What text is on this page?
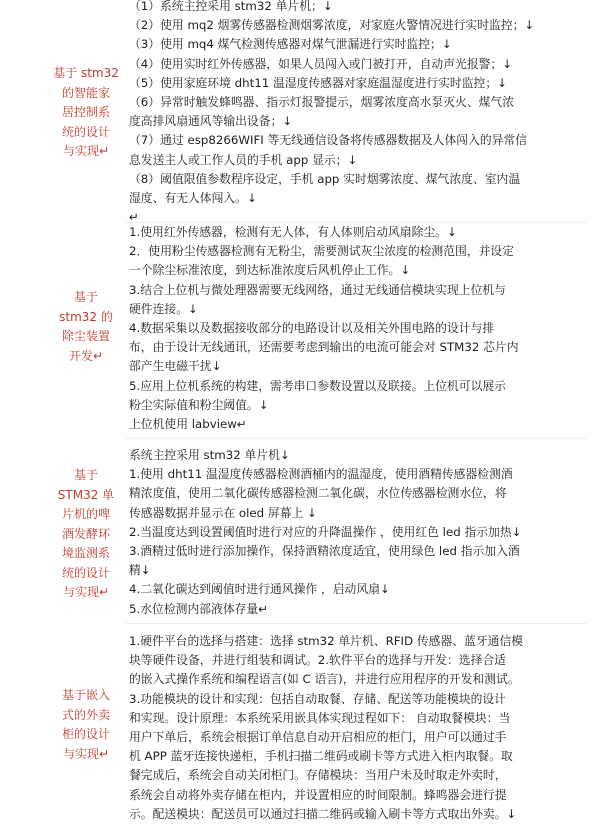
基于 stm32
的智能家
居控制系
统的设计
与实现↵
（1）系统主控采用 stm32 单片机；↓
（2）使用 mq2 烟雾传感器检测烟雾浓度，对家庭火警情况进行实时监控；↓
（3）使用 mq4 煤气检测传感器对煤气泄漏进行实时监控；↓
（4）使用实时红外传感器，如果人员闯入或门被打开，自动声光报警；↓
（5）使用家庭环境 dht11 温湿度传感器对家庭温湿度进行实时监控；↓
（6）异常时触发蜂鸣器、指示灯报警提示，烟雾浓度高水泵灭火、煤气浓
度高排风扇通风等输出设备；↓
（7）通过 esp8266WIFI 等无线通信设备将传感器数据及人体闯入的异常信
息发送主人或工作人员的手机 app 显示；↓
（8）阈值限值参数程序设定，手机 app 实时烟雾浓度、煤气浓度、室内温
湿度、有无人体闯入。↓
↵
基于
stm32 的
除尘装置
开发↵
1.使用红外传感器，检测有无人体，有人体则启动风扇除尘。↓
2．使用粉尘传感器检测有无粉尘，需要测试灰尘浓度的检测范围，并设定
一个除尘标准浓度，到达标准浓度后风机停止工作。↓
3.结合上位机与微处理器需要无线网络，通过无线通信模块实现上位机与
硬件连接。↓
4.数据采集以及数据接收部分的电路设计以及相关外围电路的设计与排
布，由于设计无线通讯，还需要考虑到输出的电流可能会对 STM32 芯片内
部产生电磁干扰↓
5.应用上位机系统的构建，需考串口参数设置以及联接。上位机可以展示
粉尘实际值和粉尘阈值。↓
上位机使用 labview↵
基于
STM32 单
片机的啤
酒发酵环
境监测系
统的设计
与实现↵
系统主控采用 stm32 单片机↓
1.使用 dht11 温湿度传感器检测酒桶内的温湿度，使用酒精传感器检测酒
精浓度值，使用二氧化碳传感器检测二氧化碳，水位传感器检测水位，将
传感器数据并显示在 oled 屏幕上 ↓
2.当温度达到设置阈值时进行对应的升降温操作 ，使用红色 led 指示加热↓
3.酒精过低时进行添加操作，保持酒精浓度适宜，使用绿色 led 指示加入酒
精↓
4.二氧化碳达到阈值时进行通风操作 ，启动风扇↓
5.水位检测内部液体存量↵
基于嵌入
式的外卖
柜的设计
与实现↵
1.硬件平台的选择与搭建：选择 stm32 单片机、RFID 传感器、蓝牙通信模
块等硬件设备，并进行组装和调试。2.软件平台的选择与开发：选择合适
的嵌入式操作系统和编程语言(如 C 语言)，并进行应用程序的开发和测试。
3.功能模块的设计和实现：包括自动取餐、存储、配送等功能模块的设计
和实现。设计原理：本系统采用嵌具体实现过程如下： 自动取餐模块：当
用户下单后，系统会根据订单信息自动开启相应的柜门，用户可以通过手
机 APP 蓝牙连接快递柜，手机扫描二维码或刷卡等方式进入柜内取餐。取
餐完成后，系统会自动关闭柜门。存储模块：当用户未及时取走外卖时，
系统会自动将外卖存储在柜内，并设置相应的时间限制。蜂鸣器会进行提
示。配送模块：配送员可以通过扫描二维码或输入刷卡等方式取出外卖。↓
